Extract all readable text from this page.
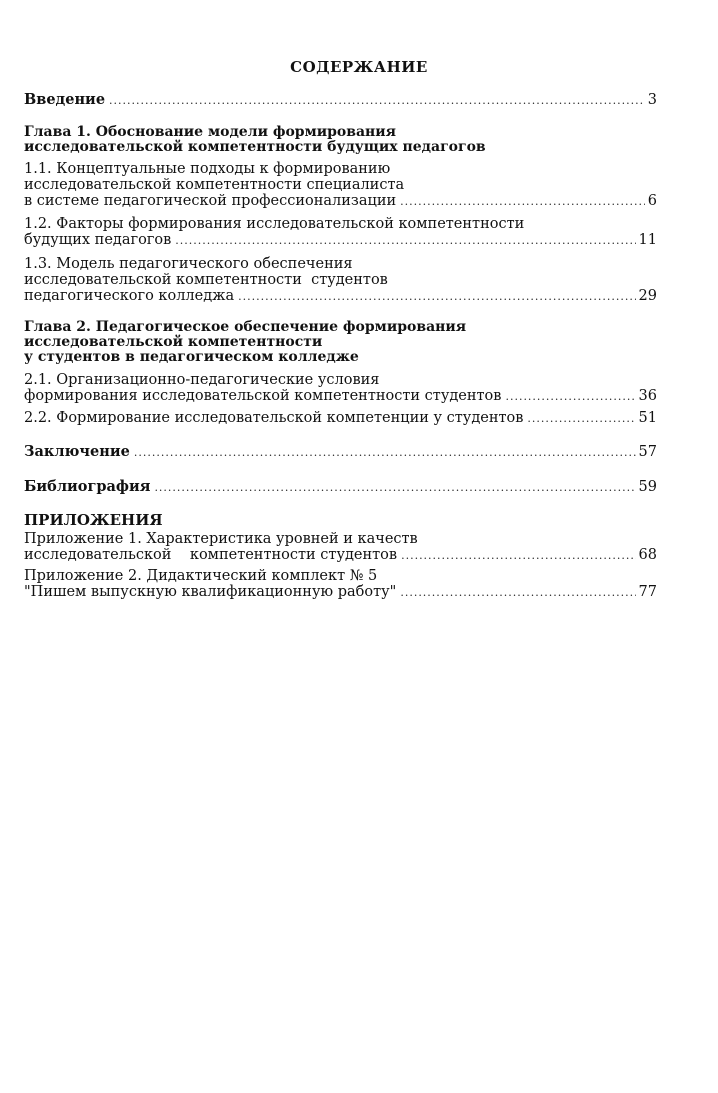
СОДЕРЖАНИЕ
Введение .....	3
Глава 1. Обоснование модели формирования
исследовательской компетентности будущих педагогов
1.1. Концептуальные подходы к формированию
исследовательской компетентности специалиста
в системе педагогической профессионализации .....	6
1.2. Факторы формирования исследовательской компетентности
будущих педагогов .....	11
1.3. Модель педагогического обеспечения
исследовательской компетентности  студентов
педагогического колледжа .....	29
Глава 2. Педагогическое обеспечение формирования
исследовательской компетентности
у студентов в педагогическом колледже
2.1. Организационно-педагогические условия
формирования исследовательской компетентности студентов .....	36
2.2. Формирование исследовательской компетенции у студентов .....	51
Заключение .....	57
Библиография .....	59
ПРИЛОЖЕНИЯ
Приложение 1. Характеристика уровней и качеств
исследовательской    компетентности студентов .....	68
Приложение 2. Дидактический комплект № 5
"Пишем выпускную квалификационную работу" .....	77
